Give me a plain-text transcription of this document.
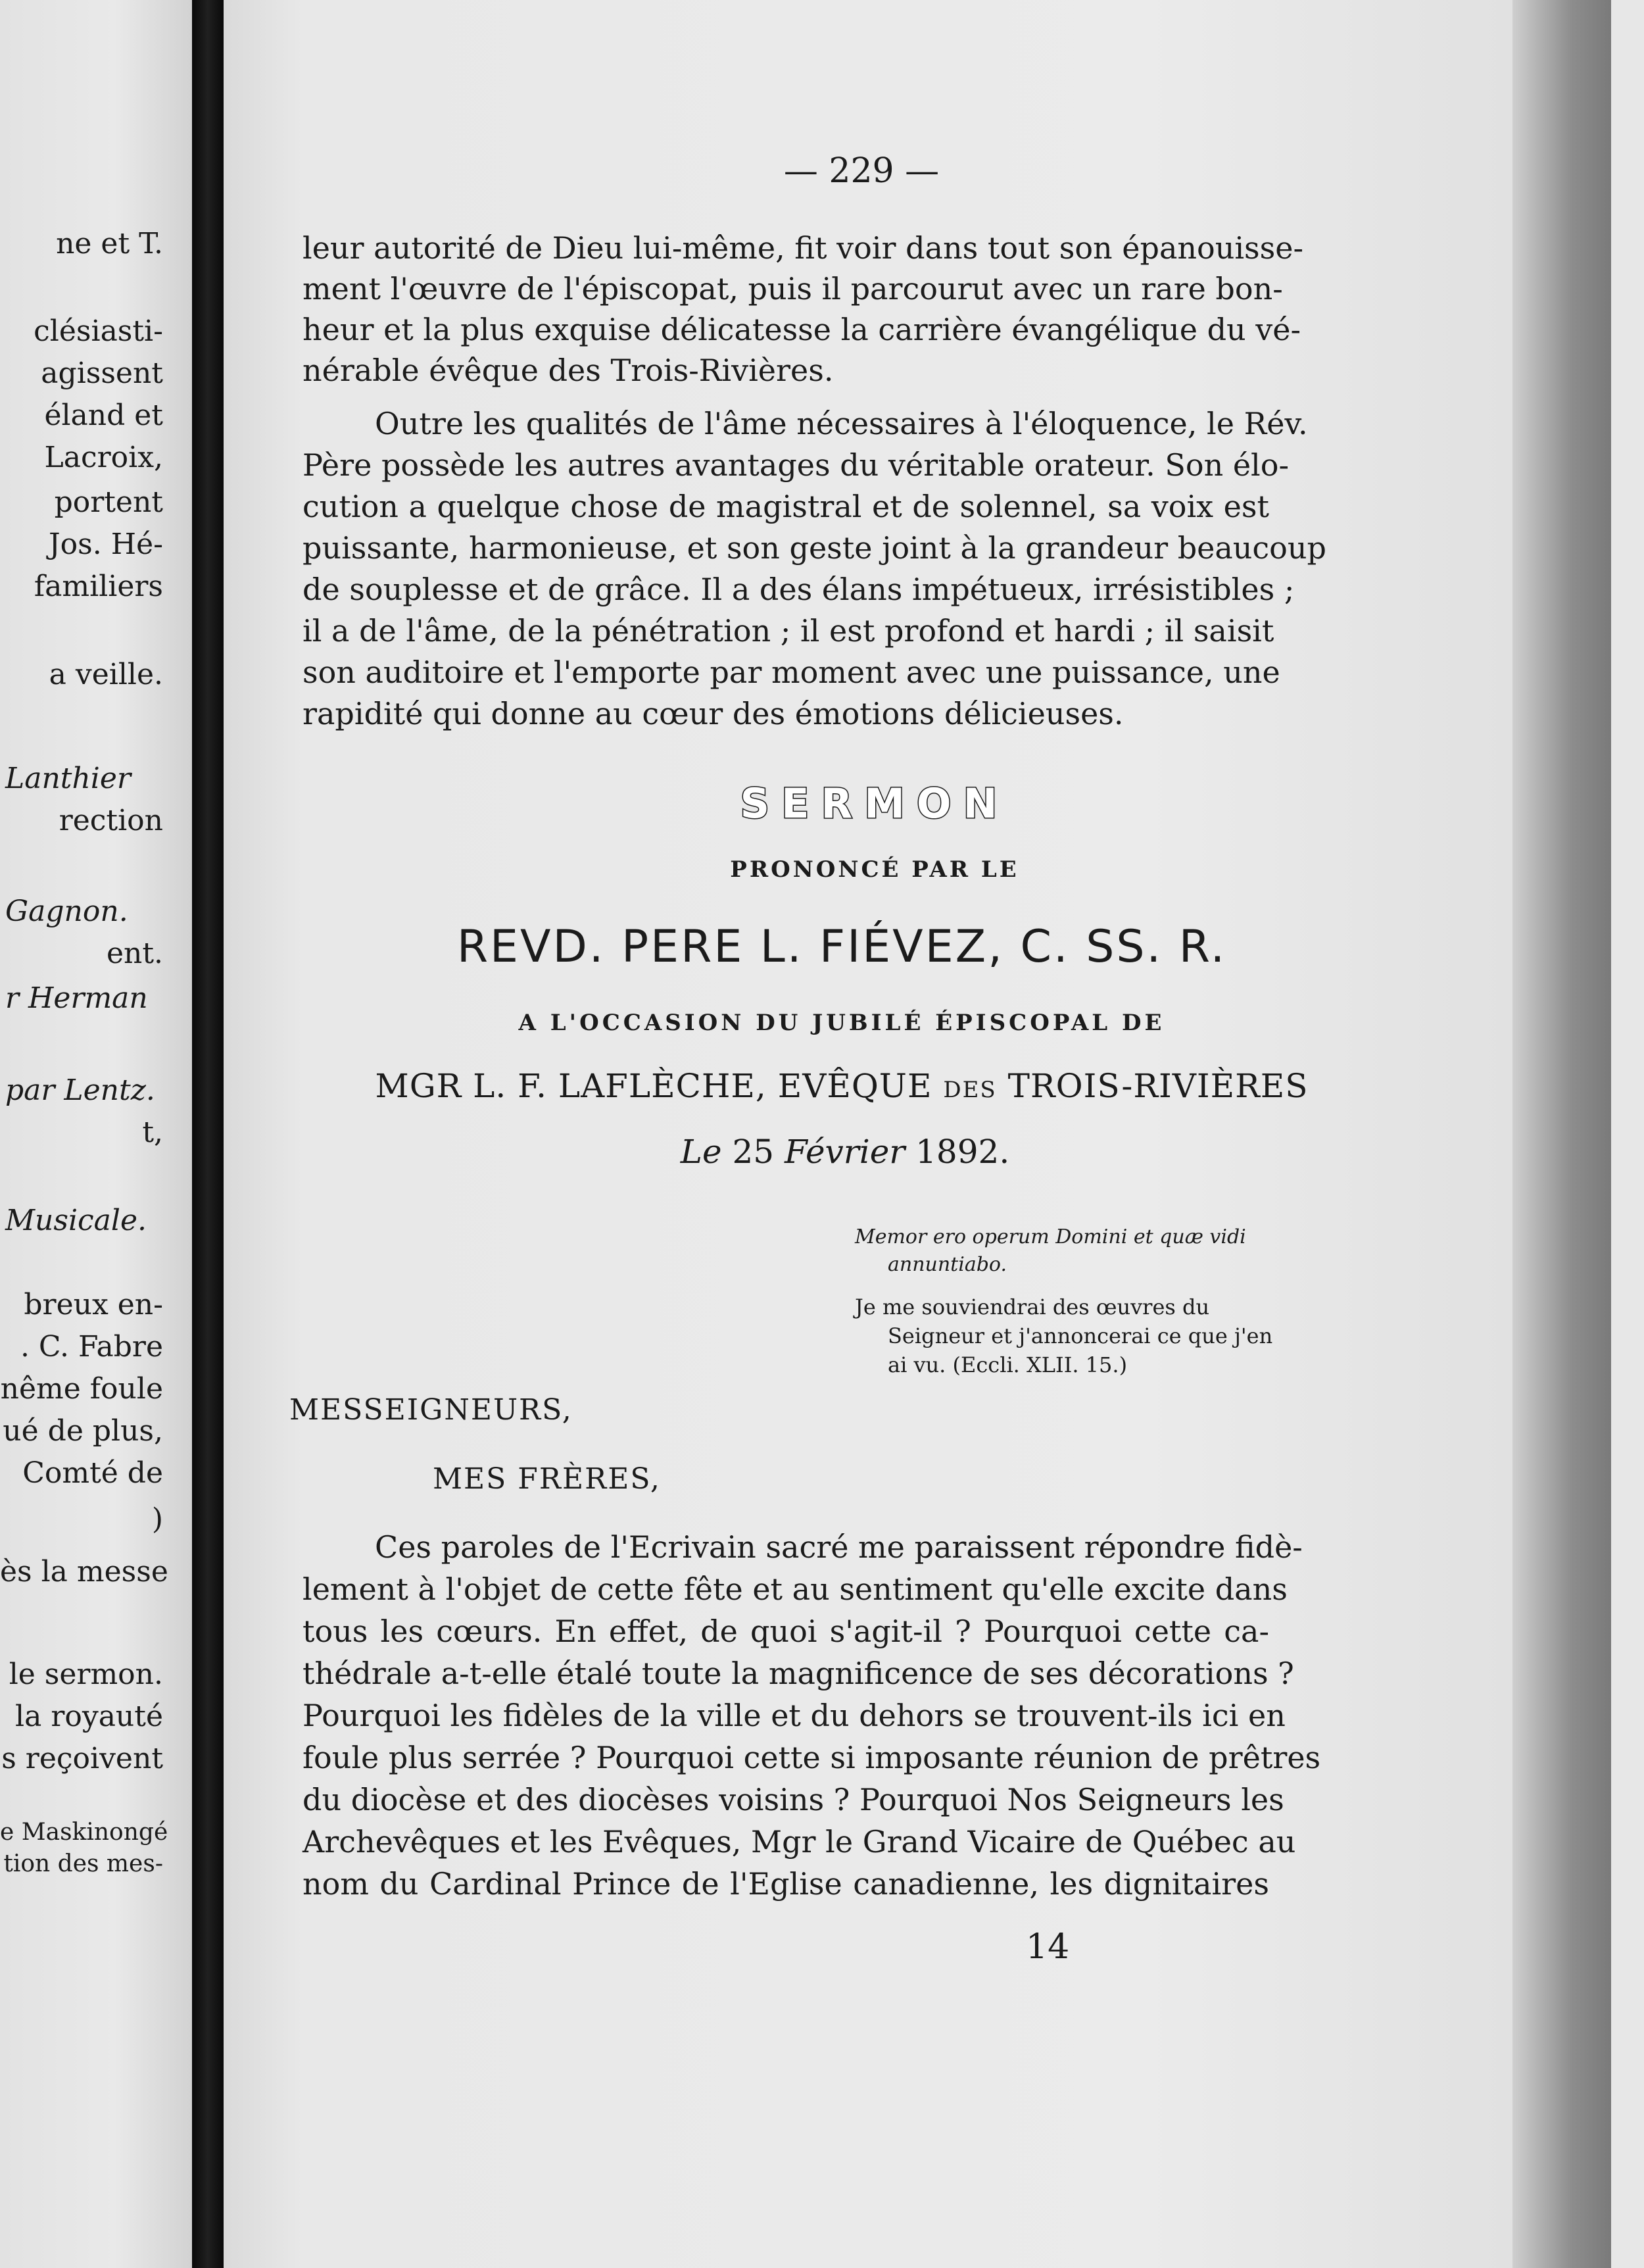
ne et T.
clésiasti-
agissent
éland et
Lacroix,
portent
Jos. Hé-
familiers
a veille.
Lanthier
rection
Gagnon.
ent.
r Herman
par Lentz.
t,
Musicale.
breux en-
. C. Fabre
nême foule
ué de plus,
Comté de
)
ès la messe
le sermon.
la royauté
s reçoivent
e Maskinongé
tion des mes-
— 229 —
leur autorité de Dieu lui-même, fit voir dans tout son épanouisse-
ment l'œuvre de l'épiscopat, puis il parcourut avec un rare bon-
heur et la plus exquise délicatesse la carrière évangélique du vé-
nérable évêque des Trois-Rivières.
Outre les qualités de l'âme nécessaires à l'éloquence, le Rév.
Père possède les autres avantages du véritable orateur. Son élo-
cution a quelque chose de magistral et de solennel, sa voix est
puissante, harmonieuse, et son geste joint à la grandeur beaucoup
de souplesse et de grâce. Il a des élans impétueux, irrésistibles ;
il a de l'âme, de la pénétration ; il est profond et hardi ; il saisit
son auditoire et l'emporte par moment avec une puissance, une
rapidité qui donne au cœur des émotions délicieuses.
SERMON
PRONONCÉ PAR LE
REVD. PERE L. FIÉVEZ, C. SS. R.
A L'OCCASION DU JUBILÉ ÉPISCOPAL DE
MGR L. F. LAFLÈCHE, EVÊQUE DES TROIS-RIVIÈRES
Le 25 Février 1892.
Memor ero operum Domini et quæ vidi annuntiabo.
Je me souviendrai des œuvres du Seigneur et j'annoncerai ce que j'en ai vu. (Eccli. XLII. 15.)
MESSEIGNEURS,
MES FRÈRES,
Ces paroles de l'Ecrivain sacré me paraissent répondre fidè-
lement à l'objet de cette fête et au sentiment qu'elle excite dans
tous les cœurs. En effet, de quoi s'agit-il ? Pourquoi cette ca-
thédrale a-t-elle étalé toute la magnificence de ses décorations ?
Pourquoi les fidèles de la ville et du dehors se trouvent-ils ici en
foule plus serrée ? Pourquoi cette si imposante réunion de prêtres
du diocèse et des diocèses voisins ? Pourquoi Nos Seigneurs les
Archevêques et les Evêques, Mgr le Grand Vicaire de Québec au
nom du Cardinal Prince de l'Eglise canadienne, les dignitaires
14
